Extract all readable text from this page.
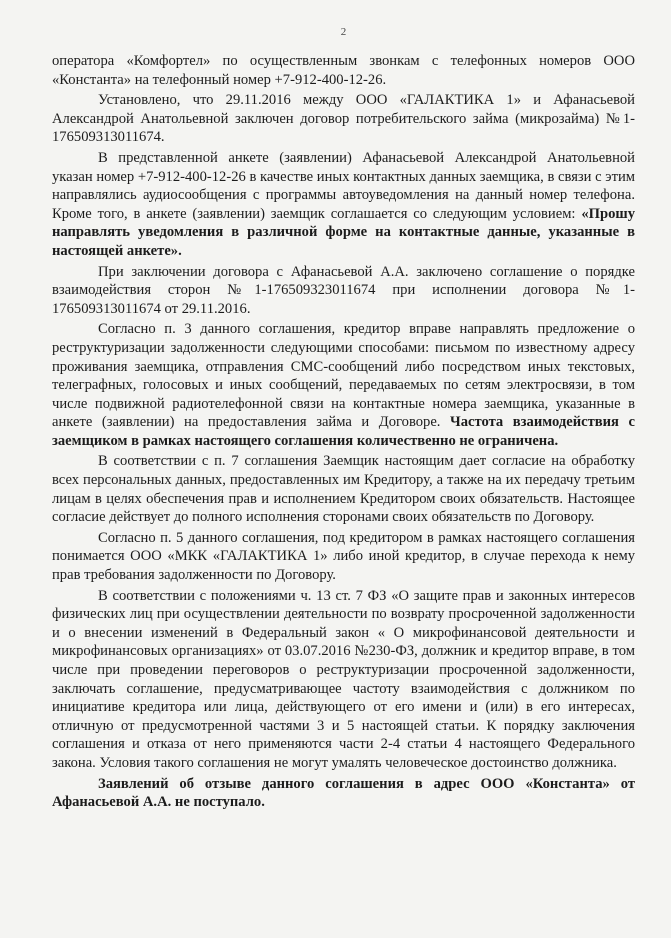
2

оператора «Комфортел» по осуществленным звонкам с телефонных номеров ООО «Константа» на телефонный номер +7-912-400-12-26.

Установлено, что 29.11.2016 между ООО «ГАЛАКТИКА 1» и Афанасьевой Александрой Анатольевной заключен договор потребительского займа (микрозайма) №1-176509313011674.

В представленной анкете (заявлении) Афанасьевой Александрой Анатольевной указан номер +7-912-400-12-26 в качестве иных контактных данных заемщика, в связи с этим направлялись аудиосообщения с программы автоуведомления на данный номер телефона. Кроме того, в анкете (заявлении) заемщик соглашается со следующим условием: «Прошу направлять уведомления в различной форме на контактные данные, указанные в настоящей анкете».

При заключении договора с Афанасьевой А.А. заключено соглашение о порядке взаимодействия сторон №1-176509323011674 при исполнении договора №1-176509313011674 от 29.11.2016.

Согласно п. 3 данного соглашения, кредитор вправе направлять предложение о реструктуризации задолженности следующими способами: письмом по известному адресу проживания заемщика, отправления СМС-сообщений либо посредством иных текстовых, телеграфных, голосовых и иных сообщений, передаваемых по сетям электросвязи, в том числе подвижной радиотелефонной связи на контактные номера заемщика, указанные в анкете (заявлении) на предоставления займа и Договоре. Частота взаимодействия с заемщиком в рамках настоящего соглашения количественно не ограничена.

В соответствии с п. 7 соглашения Заемщик настоящим дает согласие на обработку всех персональных данных, предоставленных им Кредитору, а также на их передачу третьим лицам в целях обеспечения прав и исполнением Кредитором своих обязательств. Настоящее согласие действует до полного исполнения сторонами своих обязательств по Договору.

Согласно п. 5 данного соглашения, под кредитором в рамках настоящего соглашения понимается ООО «МКК «ГАЛАКТИКА 1» либо иной кредитор, в случае перехода к нему прав требования задолженности по Договору.

В соответствии с положениями ч. 13 ст. 7 ФЗ «О защите прав и законных интересов физических лиц при осуществлении деятельности по возврату просроченной задолженности и о внесении изменений в Федеральный закон « О микрофинансовой деятельности и микрофинансовых организациях» от 03.07.2016 №230-ФЗ, должник и кредитор вправе, в том числе при проведении переговоров о реструктуризации просроченной задолженности, заключать соглашение, предусматривающее частоту взаимодействия с должником по инициативе кредитора или лица, действующего от его имени и (или) в его интересах, отличную от предусмотренной частями 3 и 5 настоящей статьи. К порядку заключения соглашения и отказа от него применяются части 2-4 статьи 4 настоящего Федерального закона. Условия такого соглашения не могут умалять человеческое достоинство должника.

Заявлений об отзыве данного соглашения в адрес ООО «Константа» от Афанасьевой А.А. не поступало.
